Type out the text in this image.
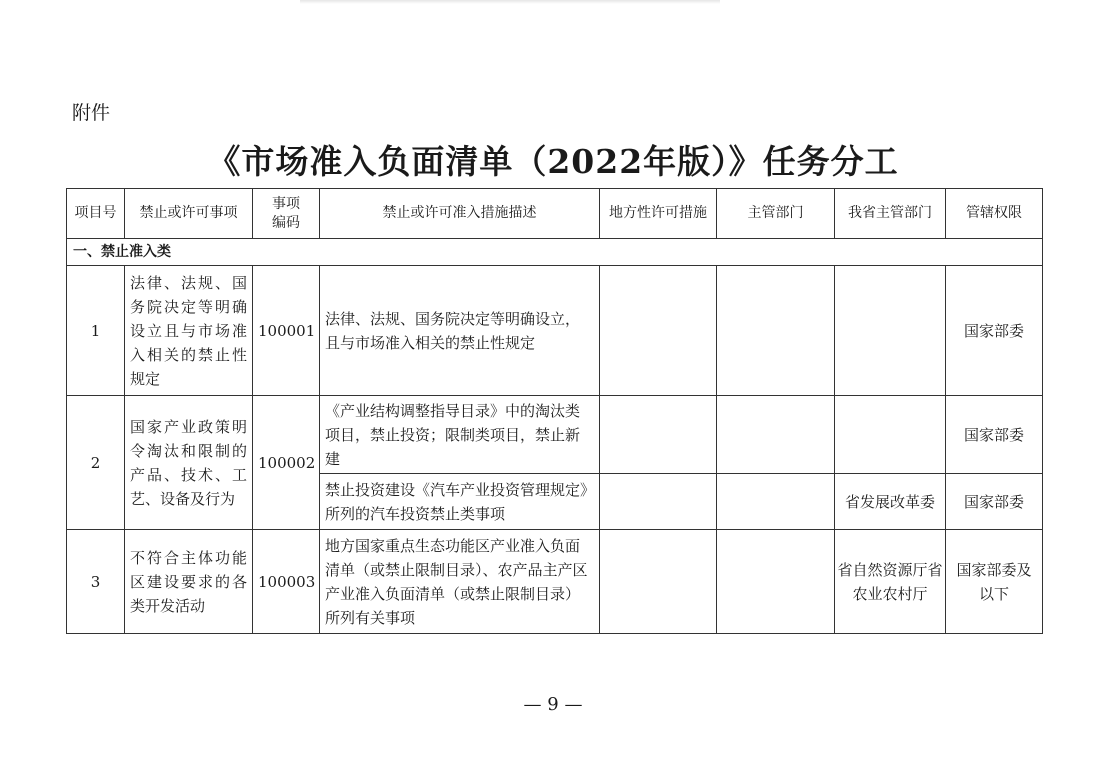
附件
《市场准入负面清单（2022年版）》任务分工
项目号	禁止或许可事项	事项编码	禁止或许可准入措施描述	地方性许可措施	主管部门	我省主管部门	管辖权限
一、禁止准入类							
1	法律、法规、国务院决定等明确设立且与市场准入相关的禁止性规定	100001	法律、法规、国务院决定等明确设立，且与市场准入相关的禁止性规定				国家部委
2	国家产业政策明令淘汰和限制的产品、技术、工艺、设备及行为	100002	《产业结构调整指导目录》中的淘汰类项目，禁止投资；限制类项目，禁止新建				国家部委
			禁止投资建设《汽车产业投资管理规定》所列的汽车投资禁止类事项			省发展改革委	国家部委
3	不符合主体功能区建设要求的各类开发活动	100003	地方国家重点生态功能区产业准入负面清单（或禁止限制目录）、农产品主产区产业准入负面清单（或禁止限制目录）所列有关事项			省自然资源厅省农业农村厅	国家部委及以下
— 9 —
